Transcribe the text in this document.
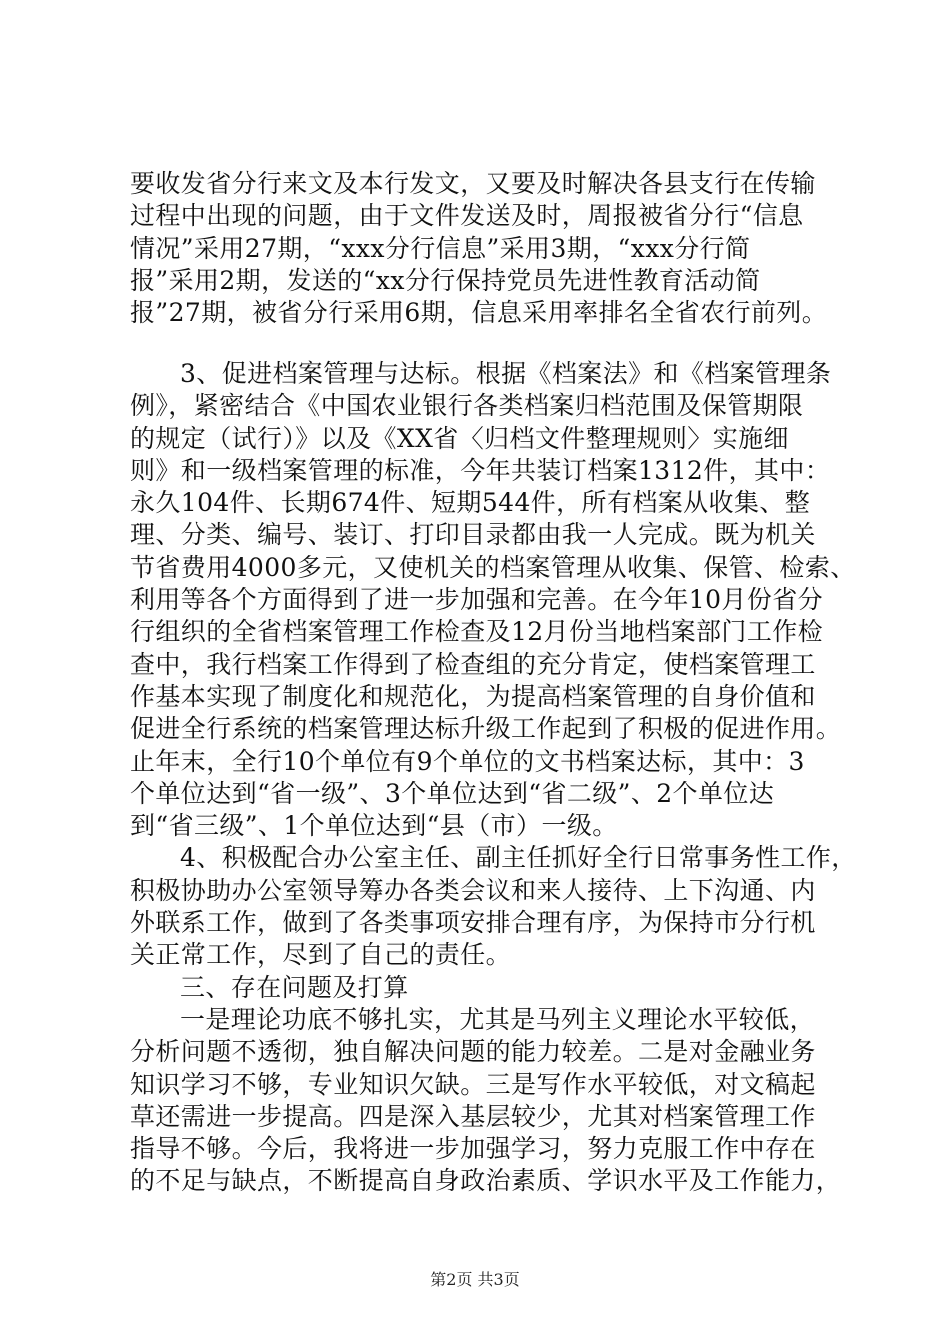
要收发省分行来文及本行发文，又要及时解决各县支行在传输
过程中出现的问题，由于文件发送及时，周报被省分行“信息
情况”采用27期，“xxx分行信息”采用3期，“xxx分行简
报”采用2期，发送的“xx分行保持党员先进性教育活动简
报”27期，被省分行采用6期，信息采用率排名全省农行前列。
3、促进档案管理与达标。根据《档案法》和《档案管理条
例》，紧密结合《中国农业银行各类档案归档范围及保管期限
的规定（试行）》以及《XX省〈归档文件整理规则〉实施细
则》和一级档案管理的标准，今年共装订档案1312件，其中：
永久104件、长期674件、短期544件，所有档案从收集、整
理、分类、编号、装订、打印目录都由我一人完成。既为机关
节省费用4000多元，又使机关的档案管理从收集、保管、检索、
利用等各个方面得到了进一步加强和完善。在今年10月份省分
行组织的全省档案管理工作检查及12月份当地档案部门工作检
查中，我行档案工作得到了检查组的充分肯定，使档案管理工
作基本实现了制度化和规范化，为提高档案管理的自身价值和
促进全行系统的档案管理达标升级工作起到了积极的促进作用。
止年末，全行10个单位有9个单位的文书档案达标，其中：3
个单位达到“省一级”、3个单位达到“省二级”、2个单位达
到“省三级”、1个单位达到“县（市）一级。
4、积极配合办公室主任、副主任抓好全行日常事务性工作，
积极协助办公室领导筹办各类会议和来人接待、上下沟通、内
外联系工作，做到了各类事项安排合理有序，为保持市分行机
关正常工作，尽到了自己的责任。
三、存在问题及打算
一是理论功底不够扎实，尤其是马列主义理论水平较低，
分析问题不透彻，独自解决问题的能力较差。二是对金融业务
知识学习不够，专业知识欠缺。三是写作水平较低，对文稿起
草还需进一步提高。四是深入基层较少，尤其对档案管理工作
指导不够。今后，我将进一步加强学习，努力克服工作中存在
的不足与缺点，不断提高自身政治素质、学识水平及工作能力，
第2页 共3页
